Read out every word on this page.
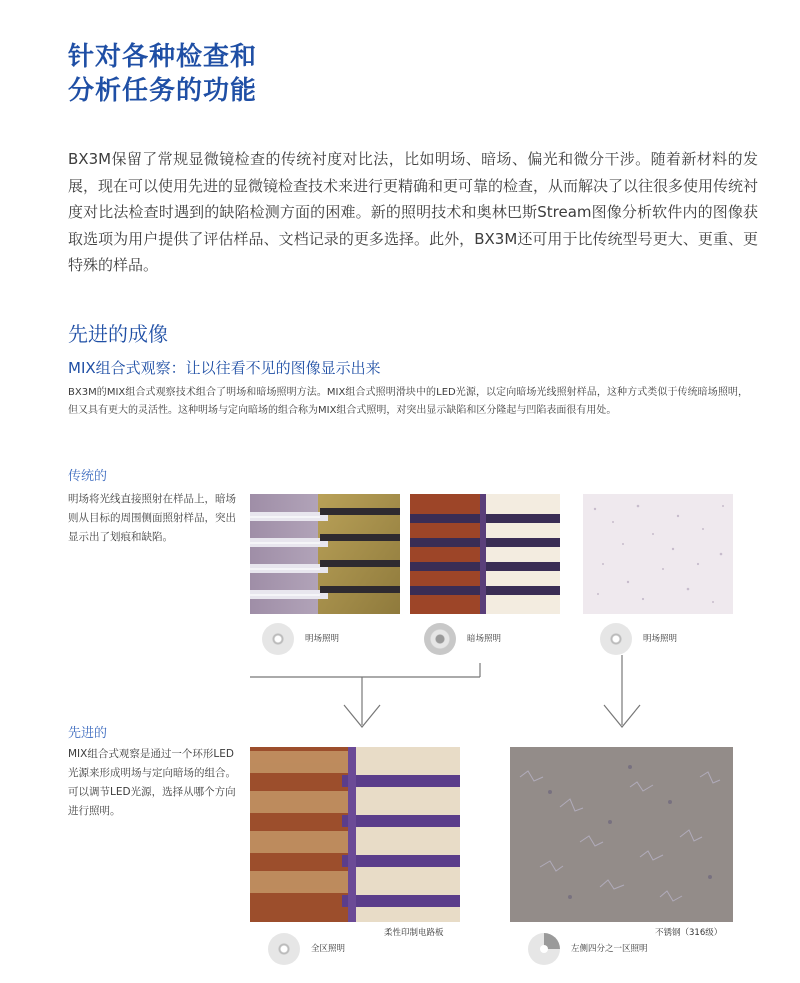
针对各种检查和
分析任务的功能
BX3M保留了常规显微镜检查的传统衬度对比法，比如明场、暗场、偏光和微分干涉。随着新材料的发展，现在可以使用先进的显微镜检查技术来进行更精确和更可靠的检查，从而解决了以往很多使用传统衬度对比法检查时遇到的缺陷检测方面的困难。新的照明技术和奥林巴斯Stream图像分析软件内的图像获取选项为用户提供了评估样品、文档记录的更多选择。此外，BX3M还可用于比传统型号更大、更重、更特殊的样品。
先进的成像
MIX组合式观察：让以往看不见的图像显示出来
BX3M的MIX组合式观察技术组合了明场和暗场照明方法。MIX组合式照明滑块中的LED光源，以定向暗场光线照射样品，这种方式类似于传统暗场照明，但又具有更大的灵活性。这种明场与定向暗场的组合称为MIX组合式照明，对突出显示缺陷和区分隆起与凹陷表面很有用处。
传统的
明场将光线直接照射在样品上，暗场则从目标的周围侧面照射样品，突出显示出了划痕和缺陷。
明场照明	暗场照明	明场照明
先进的
MIX组合式观察是通过一个环形LED光源来形成明场与定向暗场的组合。可以调节LED光源，选择从哪个方向进行照明。
柔性印制电路板	不锈钢（316级）
全区照明	左侧四分之一区照明
